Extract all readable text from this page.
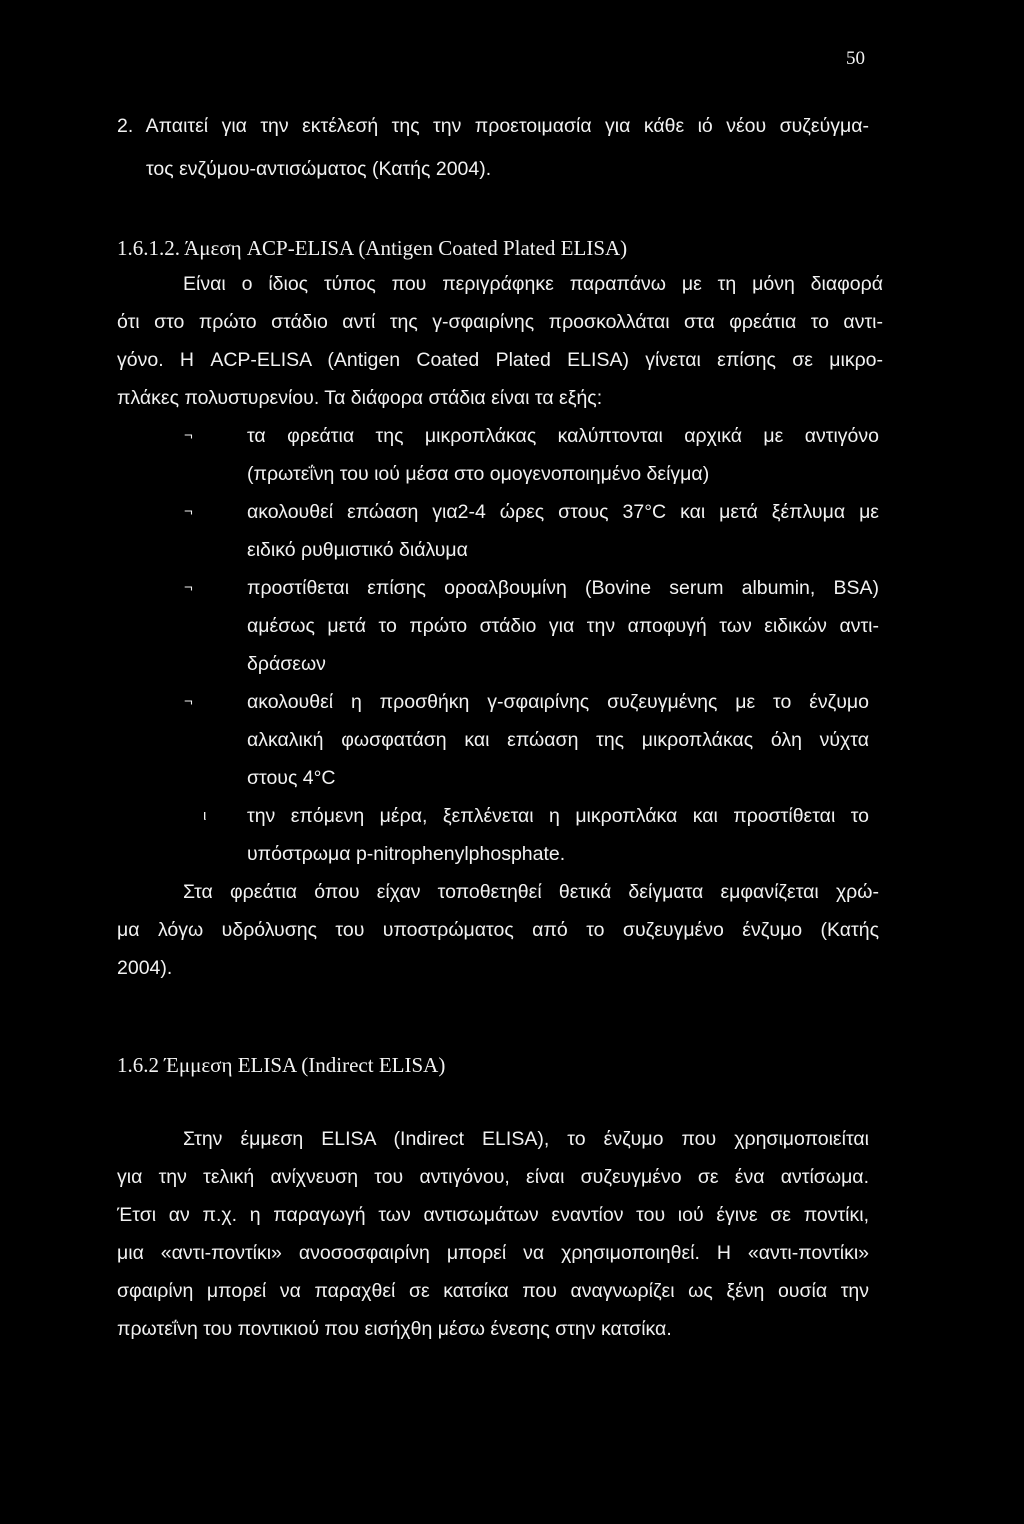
50
2. Απαιτεί για την εκτέλεσή της την προετοιμασία για κάθε ιό νέου συζεύγμα-
τος ενζύμου-αντισώματος (Κατής 2004).
1.6.1.2. Άμεση ACP-ELISA (Antigen Coated Plated ELISA)
Είναι ο ίδιος τύπος που περιγράφηκε παραπάνω με τη μόνη διαφορά
ότι στο πρώτο στάδιο αντί της γ-σφαιρίνης προσκολλάται στα φρεάτια το αντι-
γόνο. Η ACP-ELISA (Antigen Coated Plated ELISA) γίνεται επίσης σε μικρο-
πλάκες πολυστυρενίου. Τα διάφορα στάδια είναι τα εξής:
¬	τα φρεάτια της μικροπλάκας καλύπτονται αρχικά με αντιγόνο
(πρωτεΐνη του ιού μέσα στο ομογενοποιημένο δείγμα)
¬	ακολουθεί επώαση για2-4 ώρες στους 37°C και μετά ξέπλυμα με
ειδικό ρυθμιστικό διάλυμα
¬	προστίθεται επίσης οροαλβουμίνη (Bovine serum albumin, BSA)
αμέσως μετά το πρώτο στάδιο για την αποφυγή των ειδικών αντι-
δράσεων
¬	ακολουθεί η προσθήκη γ-σφαιρίνης συζευγμένης με το ένζυμο
αλκαλική φωσφατάση και επώαση της μικροπλάκας όλη νύχτα
στους 4°C
ι την επόμενη μέρα, ξεπλένεται η μικροπλάκα και προστίθεται το
υπόστρωμα p-nitrophenylphosphate.
Στα φρεάτια όπου είχαν τοποθετηθεί θετικά δείγματα εμφανίζεται χρώ-
μα λόγω υδρόλυσης του υποστρώματος από το συζευγμένο ένζυμο (Κατής
2004).
1.6.2 Έμμεση ELISA (Indirect ELISA)
Στην έμμεση ELISA (Indirect ELISA), το ένζυμο που χρησιμοποιείται
για την τελική ανίχνευση του αντιγόνου, είναι συζευγμένο σε ένα αντίσωμα.
Έτσι αν π.χ. η παραγωγή των αντισωμάτων εναντίον του ιού έγινε σε ποντίκι,
μια «αντι-ποντίκι» ανοσοσφαιρίνη μπορεί να χρησιμοποιηθεί. Η «αντι-ποντίκι»
σφαιρίνη μπορεί να παραχθεί σε κατσίκα που αναγνωρίζει ως ξένη ουσία την
πρωτεΐνη του ποντικιού που εισήχθη μέσω ένεσης στην κατσίκα.
